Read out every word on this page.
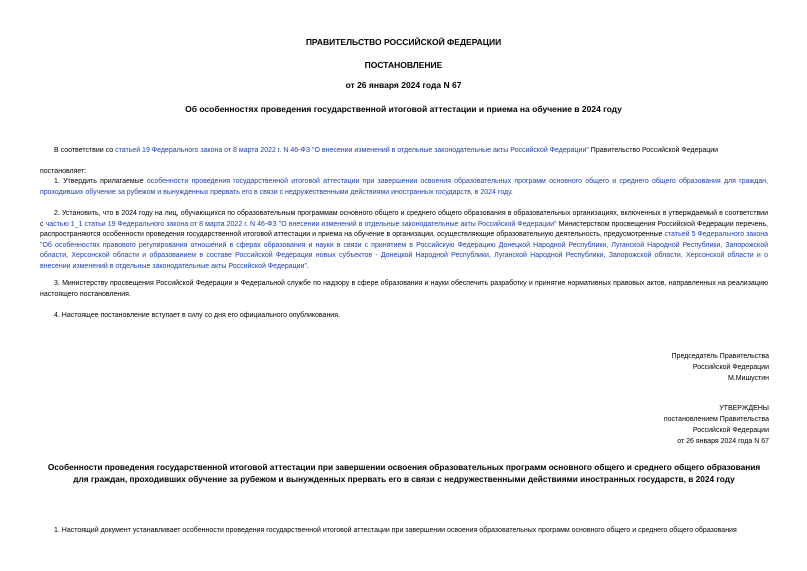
ПРАВИТЕЛЬСТВО РОССИЙСКОЙ ФЕДЕРАЦИИ
ПОСТАНОВЛЕНИЕ
от 26 января 2024 года N 67
Об особенностях проведения государственной итоговой аттестации и приема на обучение в 2024 году
В соответствии со статьей 19 Федерального закона от 8 марта 2022 г. N 46-ФЗ "О внесении изменений в отдельные законодательные акты Российской Федерации" Правительство Российской Федерации
постановляет:
1. Утвердить прилагаемые особенности проведения государственной итоговой аттестации при завершении освоения образовательных программ основного общего и среднего общего образования для граждан, проходивших обучение за рубежом и вынужденных прервать его в связи с недружественными действиями иностранных государств, в 2024 году.
2. Установить, что в 2024 году на лиц, обучающихся по образовательным программам основного общего и среднего общего образования в образовательных организациях, включенных в утверждаемый в соответствии с частью 1_1 статьи 19 Федерального закона от 8 марта 2022 г. N 46-ФЗ "О внесении изменений в отдельные законодательные акты Российской Федерации" Министерством просвещения Российской Федерации перечень, распространяются особенности проведения государственной итоговой аттестации и приема на обучение в организации, осуществляющие образовательную деятельность, предусмотренные статьей 5 Федерального закона "Об особенностях правового регулирования отношений в сферах образования и науки в связи с принятием в Российскую Федерацию Донецкой Народной Республики, Луганской Народной Республики, Запорожской области, Херсонской области и образованием в составе Российской Федерации новых субъектов - Донецкой Народной Республики, Луганской Народной Республики, Запорожской области, Херсонской области и о внесении изменений в отдельные законодательные акты Российской Федерации".
3. Министерству просвещения Российской Федерации и Федеральной службе по надзору в сфере образования и науки обеспечить разработку и принятие нормативных правовых актов, направленных на реализацию настоящего постановления.
4. Настоящее постановление вступает в силу со дня его официального опубликования.
Председатель Правительства
Российской Федерации
М.Мишустин
УТВЕРЖДЕНЫ
постановлением Правительства
Российской Федерации
от 26 января 2024 года N 67
Особенности проведения государственной итоговой аттестации при завершении освоения образовательных программ основного общего и среднего общего образования для граждан, проходивших обучение за рубежом и вынужденных прервать его в связи с недружественными действиями иностранных государств, в 2024 году
1. Настоящий документ устанавливает особенности проведения государственной итоговой аттестации при завершении освоения образовательных программ основного общего и среднего общего образования
